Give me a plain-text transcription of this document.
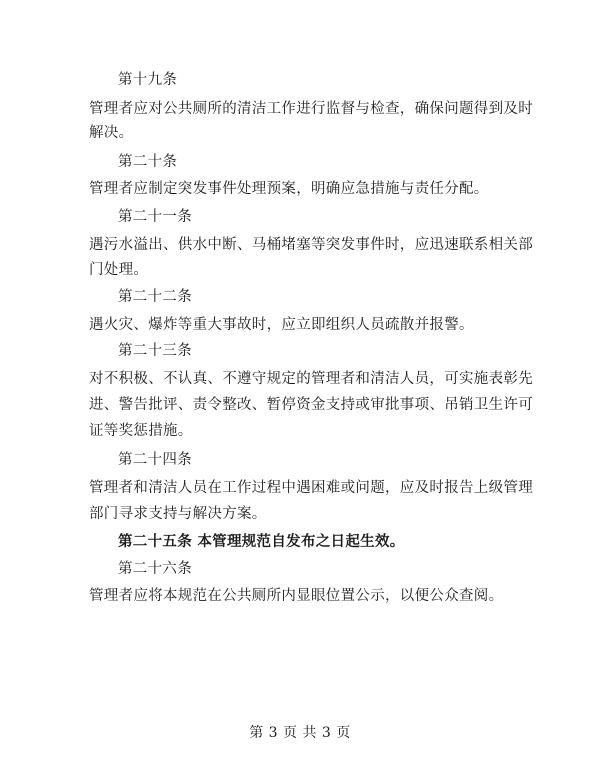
第十九条
管理者应对公共厕所的清洁工作进行监督与检查，确保问题得到及时
解决。
第二十条
管理者应制定突发事件处理预案，明确应急措施与责任分配。
第二十一条
遇污水溢出、供水中断、马桶堵塞等突发事件时，应迅速联系相关部
门处理。
第二十二条
遇火灾、爆炸等重大事故时，应立即组织人员疏散并报警。
第二十三条
对不积极、不认真、不遵守规定的管理者和清洁人员，可实施表彰先
进、警告批评、责令整改、暂停资金支持或审批事项、吊销卫生许可
证等奖惩措施。
第二十四条
管理者和清洁人员在工作过程中遇困难或问题，应及时报告上级管理
部门寻求支持与解决方案。
第二十五条 本管理规范自发布之日起生效。
第二十六条
管理者应将本规范在公共厕所内显眼位置公示，以便公众查阅。
第 3 页 共 3 页
